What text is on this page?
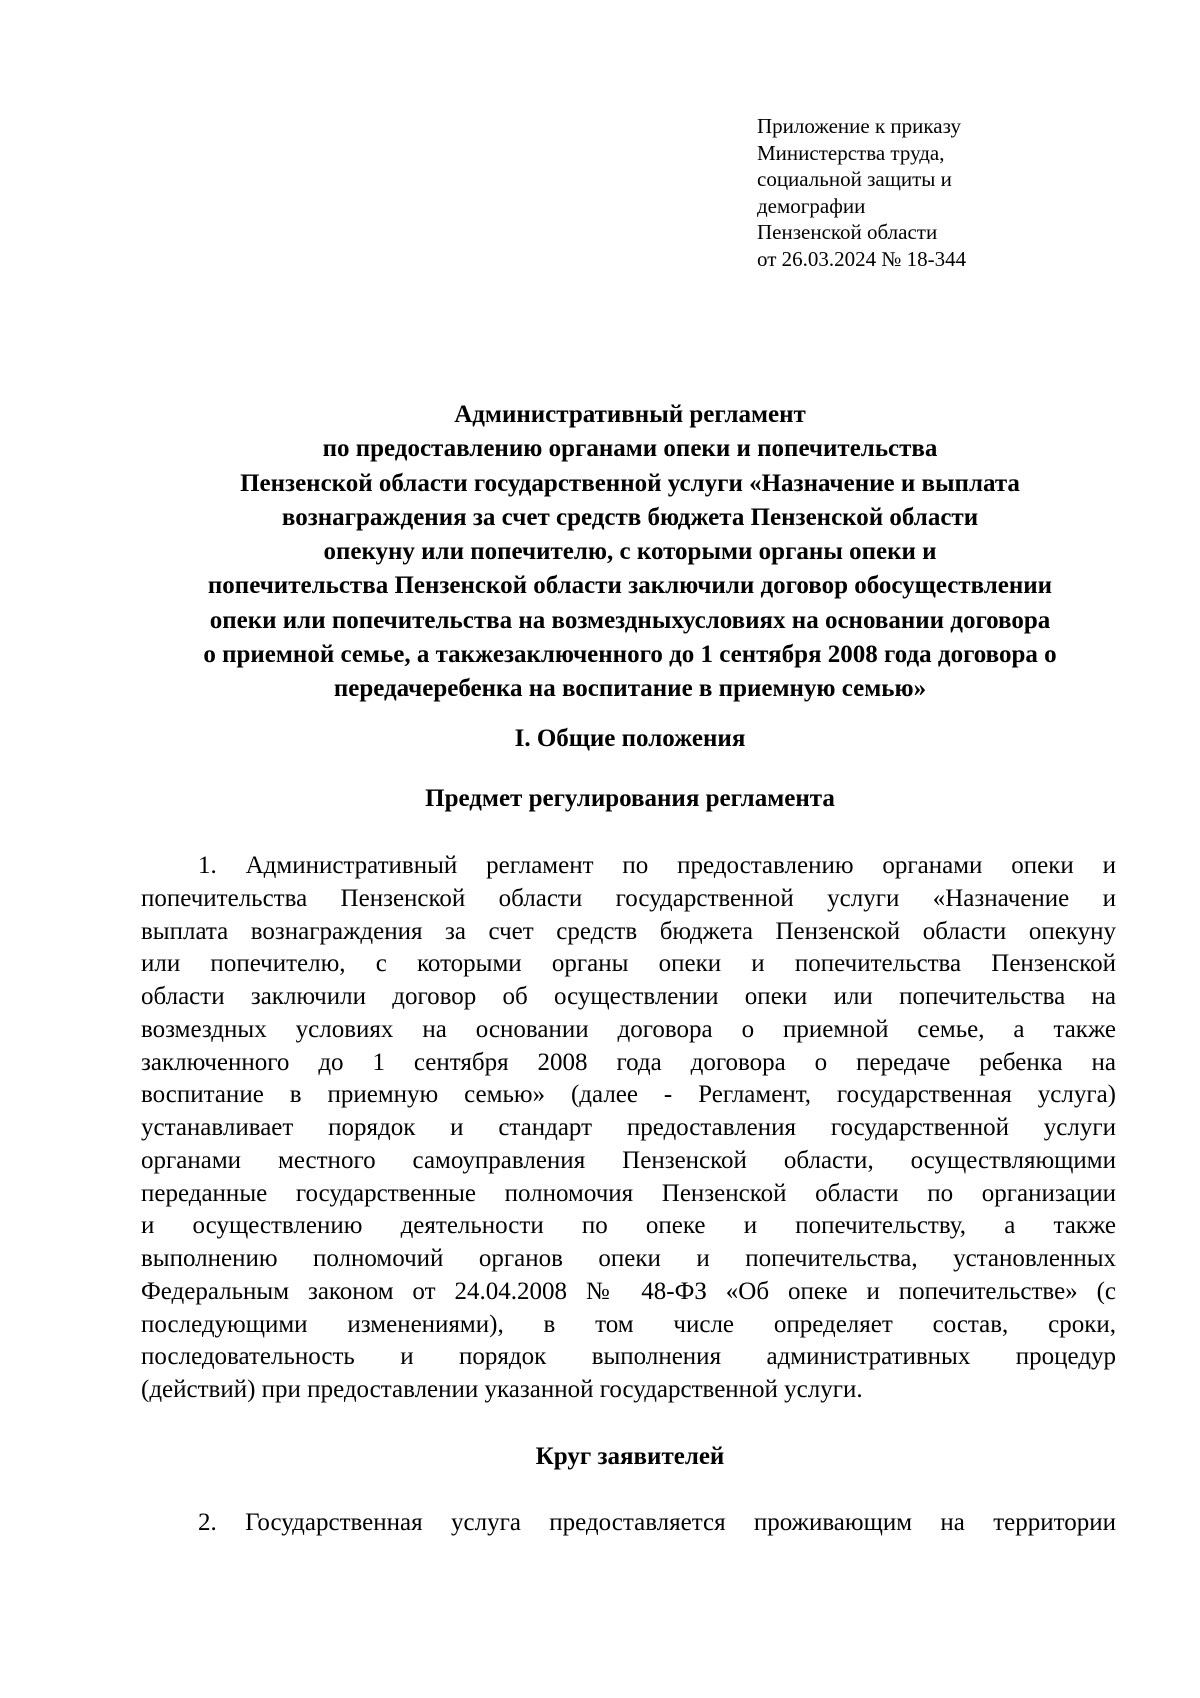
Приложение к приказу
Министерства труда,
социальной защиты и
демографии
Пензенской области
от 26.03.2024 № 18-344
Административный регламент
по предоставлению органами опеки и попечительства
Пензенской области государственной услуги «Назначение и выплата
вознаграждения за счет средств бюджета Пензенской области
опекуну или попечителю, с которыми органы опеки и
попечительства Пензенской области заключили договор обосуществлении
опеки или попечительства на возмездныхусловиях на основании договора
о приемной семье, а такжезаключенного до 1 сентября 2008 года договора о
передачеребенка на воспитание в приемную семью»
I. Общие положения
Предмет регулирования регламента
1. Административный регламент по предоставлению органами опеки и
попечительства Пензенской области государственной услуги «Назначение и
выплата вознаграждения за счет средств бюджета Пензенской области опекуну
или попечителю, с которыми органы опеки и попечительства Пензенской
области заключили договор об осуществлении опеки или попечительства на
возмездных условиях на основании договора о приемной семье, а также
заключенного до 1 сентября 2008 года договора о передаче ребенка на
воспитание в приемную семью» (далее - Регламент, государственная услуга)
устанавливает порядок и стандарт предоставления государственной услуги
органами местного самоуправления Пензенской области, осуществляющими
переданные государственные полномочия Пензенской области по организации
и осуществлению деятельности по опеке и попечительству, а также
выполнению полномочий органов опеки и попечительства, установленных
Федеральным законом от 24.04.2008 № 48-ФЗ «Об опеке и попечительстве» (с
последующими изменениями), в том числе определяет состав, сроки,
последовательность и порядок выполнения административных процедур
(действий) при предоставлении указанной государственной услуги.
Круг заявителей
2. Государственная услуга предоставляется проживающим на территории
